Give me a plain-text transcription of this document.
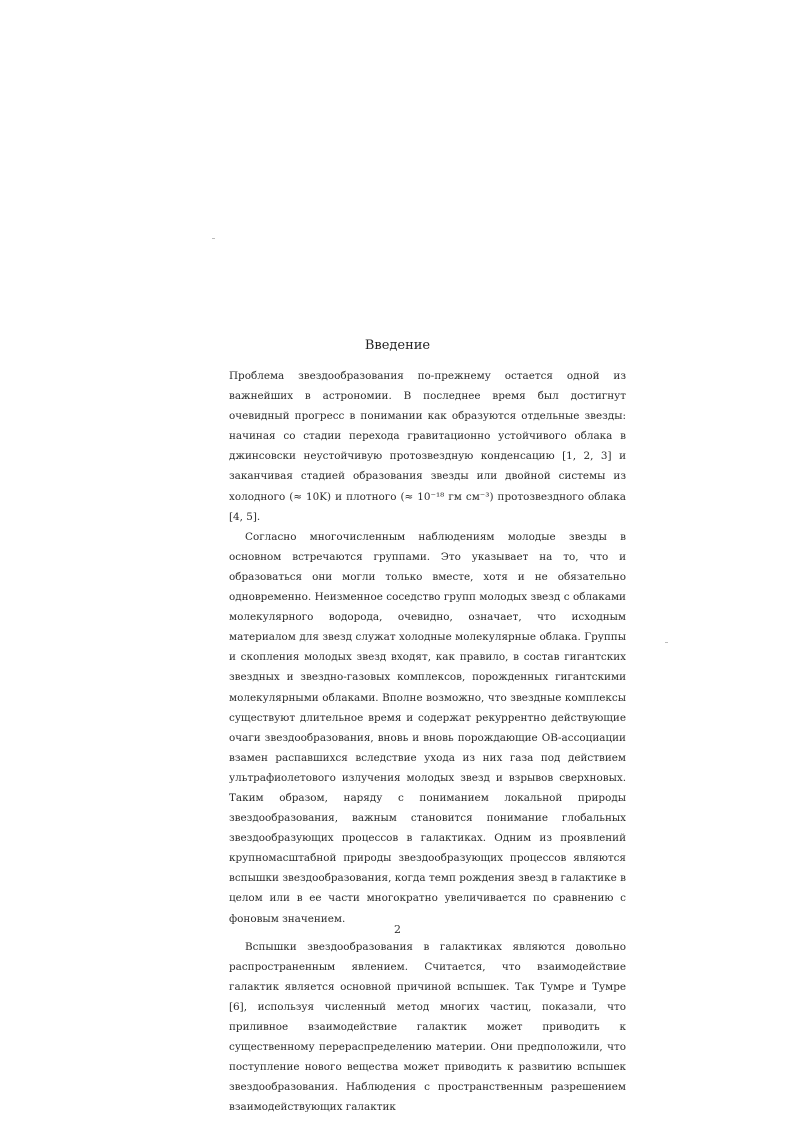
Введение

Проблема звездообразования по-прежнему остается одной из важнейших в астрономии. В последнее время был достигнут очевидный прогресс в понимании как образуются отдельные звезды: начиная со стадии перехода гравитационно устойчивого облака в джинсовски неустойчивую протозвездную конденсацию [1, 2, 3] и заканчивая стадией образования звезды или двойной системы из холодного (≈ 10K) и плотного (≈ 10⁻¹⁸ гм см⁻³) протозвездного облака [4, 5].

Согласно многочисленным наблюдениям молодые звезды в основном встречаются группами. Это указывает на то, что и образоваться они могли только вместе, хотя и не обязательно одновременно. Неизменное соседство групп молодых звезд с облаками молекулярного водорода, очевидно, означает, что исходным материалом для звезд служат холодные молекулярные облака. Группы и скопления молодых звезд входят, как правило, в состав гигантских звездных и звездно-газовых комплексов, порожденных гигантскими молекулярными облаками. Вполне возможно, что звездные комплексы существуют длительное время и содержат рекуррентно действующие очаги звездообразования, вновь и вновь порождающие OB-ассоциации взамен распавшихся вследствие ухода из них газа под действием ультрафиолетового излучения молодых звезд и взрывов сверхновых. Таким образом, наряду с пониманием локальной природы звездообразования, важным становится понимание глобальных звездообразующих процессов в галактиках. Одним из проявлений крупномасштабной природы звездообразующих процессов являются вспышки звездообразования, когда темп рождения звезд в галактике в целом или в ее части многократно увеличивается по сравнению с фоновым значением.

Вспышки звездообразования в галактиках являются довольно распространенным явлением. Считается, что взаимодействие галактик является основной причиной вспышек. Так Тумре и Тумре [6], используя численный метод многих частиц, показали, что приливное взаимодействие галактик может приводить к существенному перераспределению материи. Они предположили, что поступление нового вещества может приводить к развитию вспышек звездообразования. Наблюдения с пространственным разрешением взаимодействующих галактик

2
